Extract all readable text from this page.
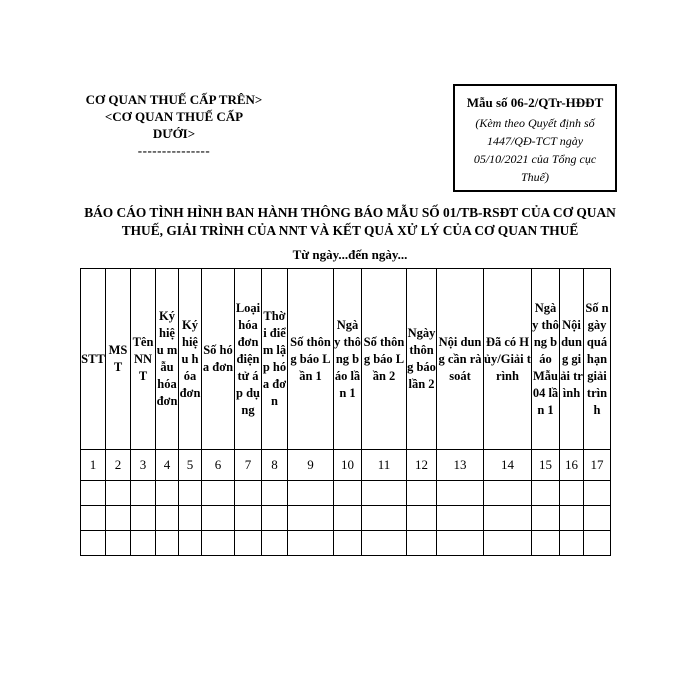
CƠ QUAN THUẾ CẤP TRÊN>
<CƠ QUAN THUẾ CẤP DƯỚI>
---------------
Mẫu số 06-2/QTr-HĐĐT
(Kèm theo Quyết định số 1447/QĐ-TCT ngày 05/10/2021 của Tổng cục Thuế)
BÁO CÁO TÌNH HÌNH BAN HÀNH THÔNG BÁO MẪU SỐ 01/TB-RSĐT CỦA CƠ QUAN THUẾ, GIẢI TRÌNH CỦA NNT VÀ KẾT QUẢ XỬ LÝ CỦA CƠ QUAN THUẾ
Từ ngày...đến ngày...
STT	MST	Tên NNT	Ký hiệu mẫu hóa đơn	Ký hiệu hóa đơn	Số hóa đơn	Loại hóa đơn điện tử áp dụng	Thời điểm lập hóa đơn	Số thông báo Lần 1	Ngày thông báo lần 1	Số thông báo Lần 2	Ngày thông báo lần 2	Nội dung cần rà soát	Đã có Hủy/Giải trình	Ngày thông báo Mẫu 04 lần 1	Nội dung giải trình	Số ngày quá hạn giải trình
1	2	3	4	5	6	7	8	9	10	11	12	13	14	15	16	17
